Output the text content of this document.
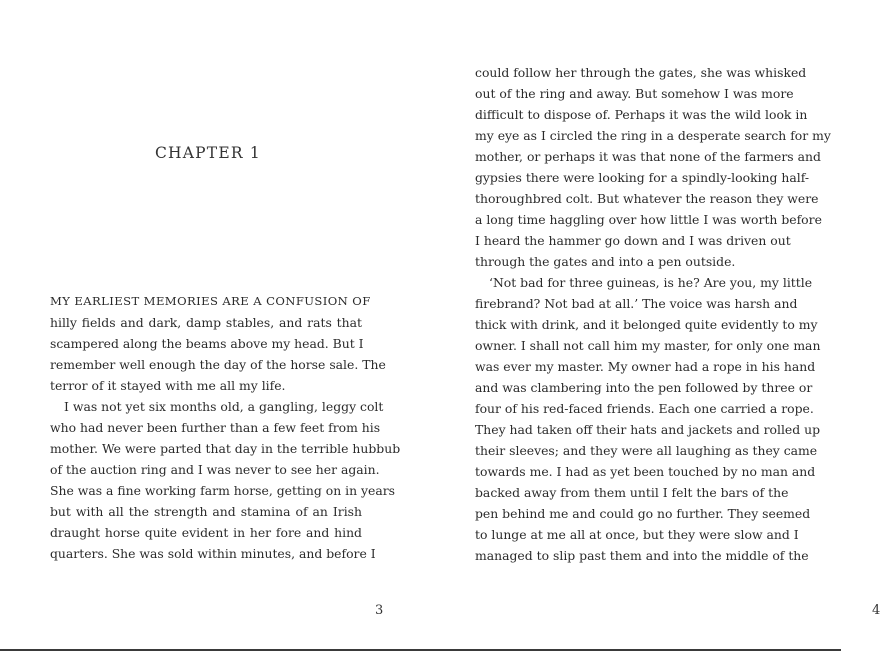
CHAPTER 1
MY EARLIEST MEMORIES ARE A CONFUSION OF
hilly fields and dark, damp stables, and rats that
scampered along the beams above my head. But I
remember well enough the day of the horse sale. The
terror of it stayed with me all my life.
I was not yet six months old, a gangling, leggy colt
who had never been further than a few feet from his
mother. We were parted that day in the terrible hubbub
of the auction ring and I was never to see her again.
She was a fine working farm horse, getting on in years
but with all the strength and stamina of an Irish
draught horse quite evident in her fore and hind
quarters. She was sold within minutes, and before I
3
could follow her through the gates, she was whisked
out of the ring and away. But somehow I was more
difficult to dispose of. Perhaps it was the wild look in
my eye as I circled the ring in a desperate search for my
mother, or perhaps it was that none of the farmers and
gypsies there were looking for a spindly-looking half-
thoroughbred colt. But whatever the reason they were
a long time haggling over how little I was worth before
I heard the hammer go down and I was driven out
through the gates and into a pen outside.
‘Not bad for three guineas, is he? Are you, my little
firebrand? Not bad at all.’ The voice was harsh and
thick with drink, and it belonged quite evidently to my
owner. I shall not call him my master, for only one man
was ever my master. My owner had a rope in his hand
and was clambering into the pen followed by three or
four of his red-faced friends. Each one carried a rope.
They had taken off their hats and jackets and rolled up
their sleeves; and they were all laughing as they came
towards me. I had as yet been touched by no man and
backed away from them until I felt the bars of the
pen behind me and could go no further. They seemed
to lunge at me all at once, but they were slow and I
managed to slip past them and into the middle of the
4
